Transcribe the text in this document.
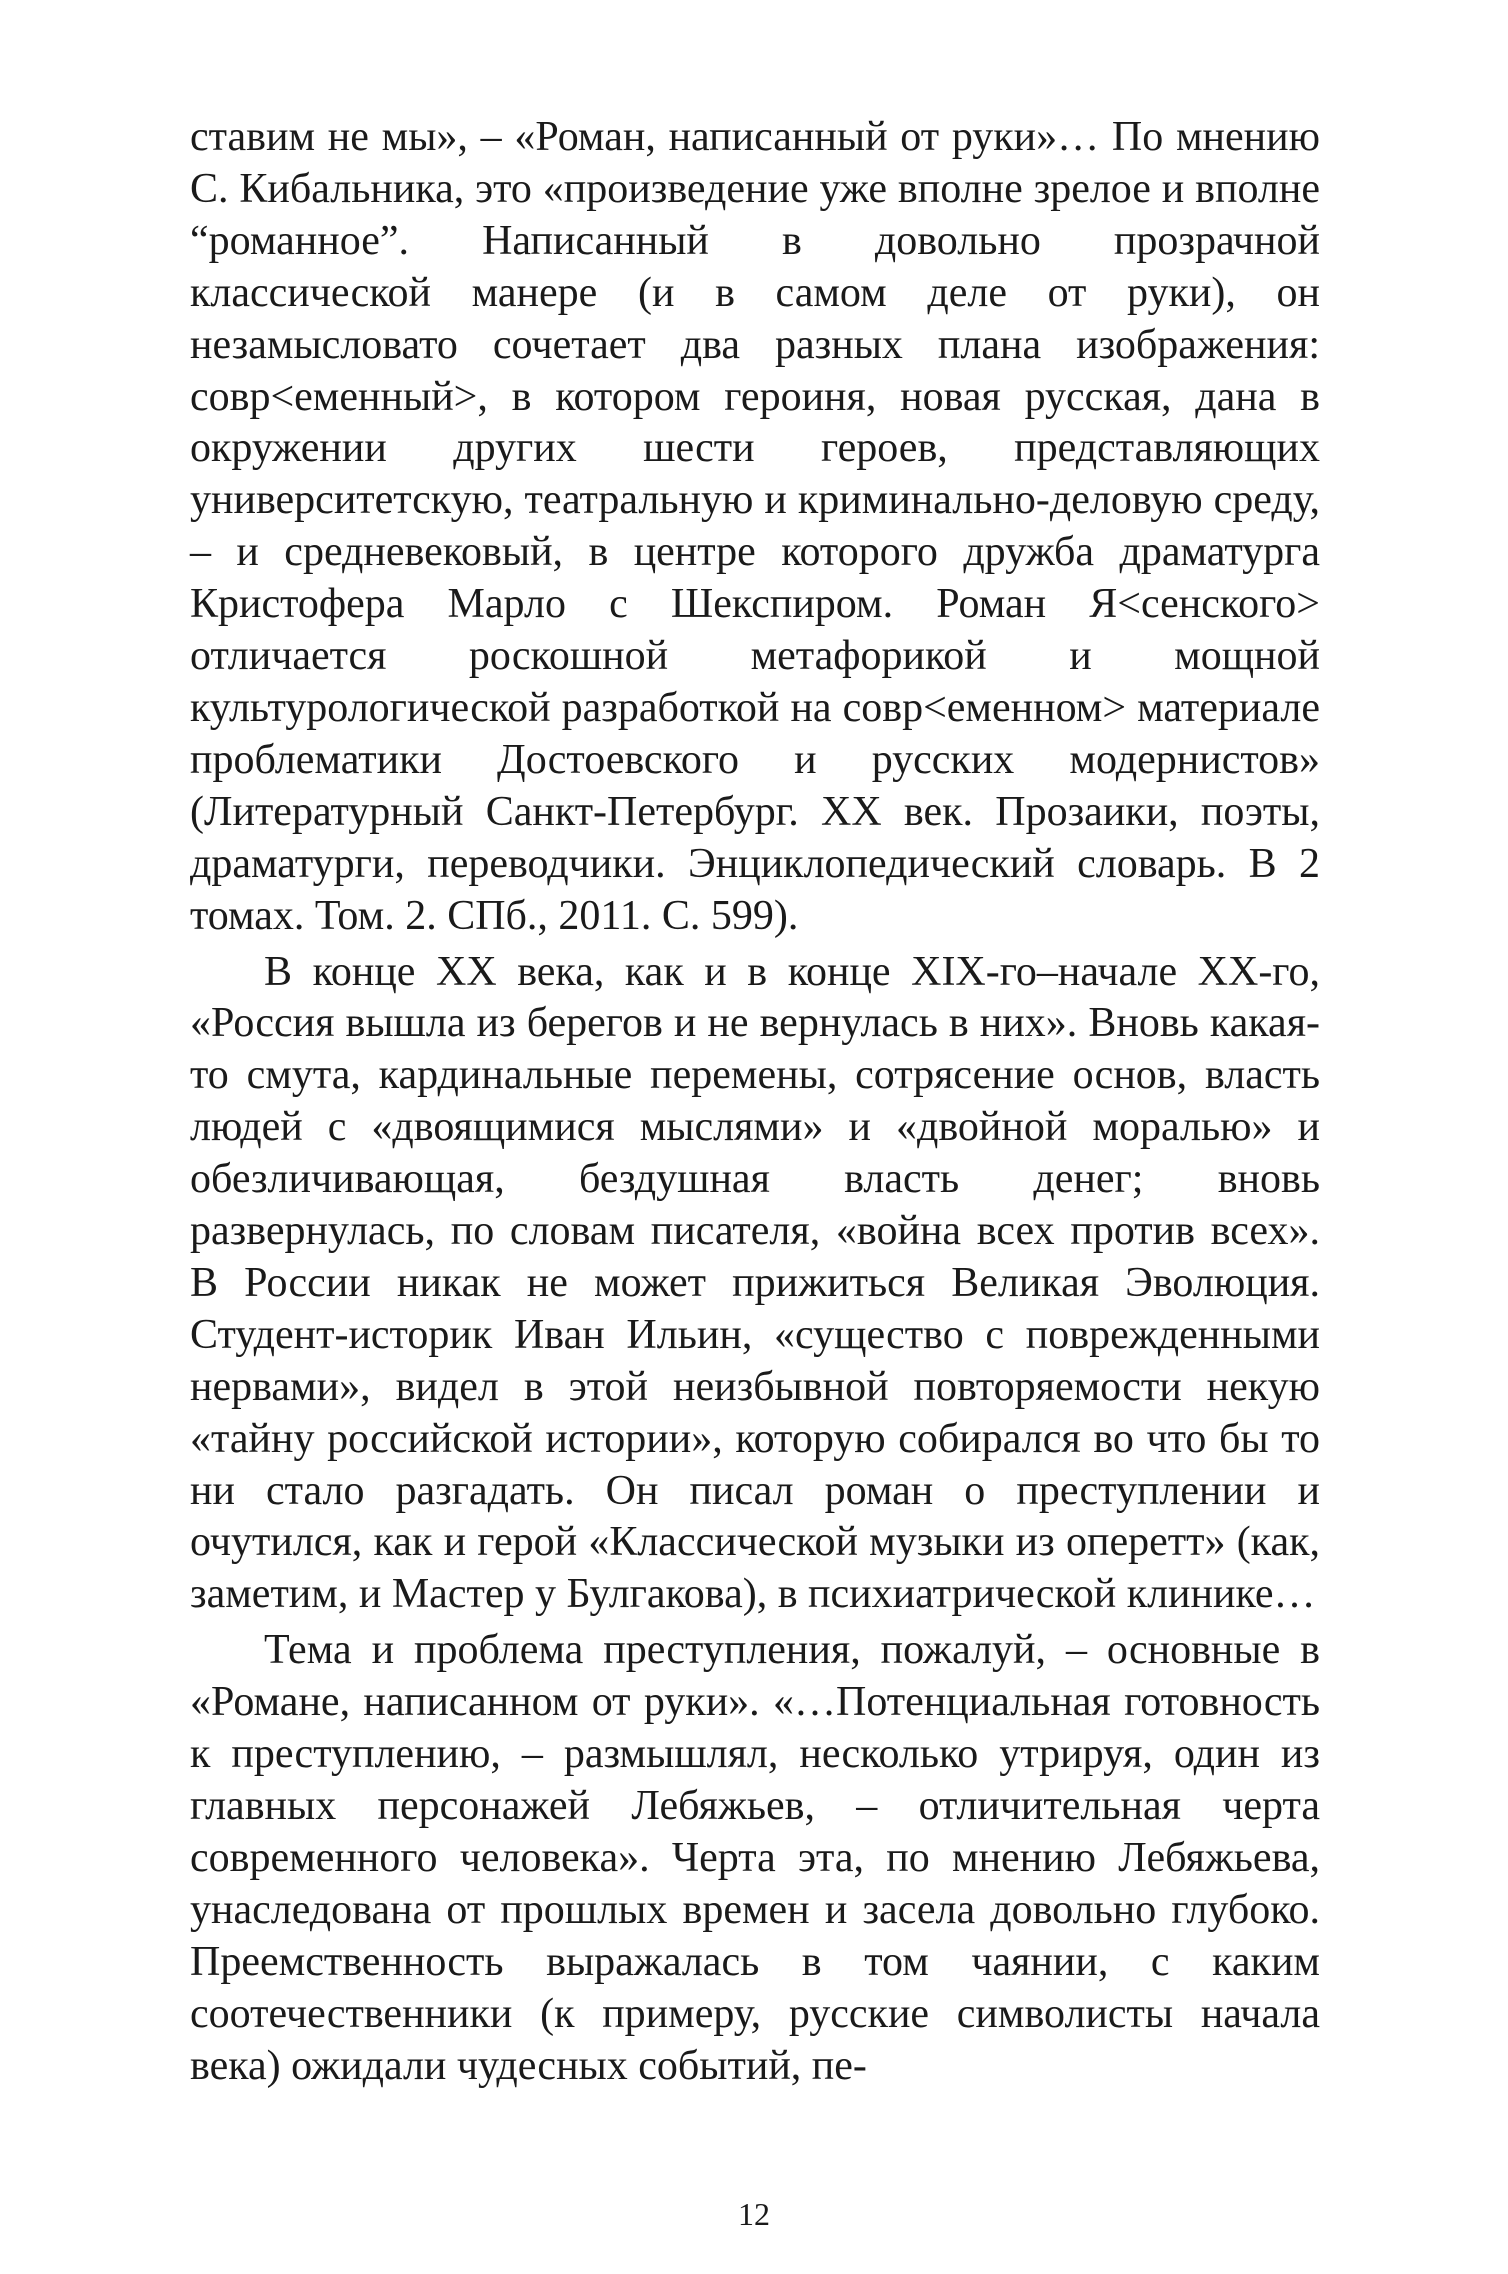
ставим не мы», – «Роман, написанный от руки»… По мнению С. Кибальника, это «произведение уже вполне зрелое и вполне “романное”. Написанный в довольно прозрачной классической манере (и в самом деле от руки), он незамысловато сочетает два разных плана изображения: совр<еменный>, в котором героиня, новая русская, дана в окружении других шести героев, представляющих университетскую, театральную и криминально-деловую среду, – и средневековый, в центре которого дружба драматурга Кристофера Марло с Шекспиром. Роман Я<сенского> отличается роскошной метафорикой и мощной культурологической разработкой на совр<еменном> материале проблематики Достоевского и русских модернистов» (Литературный Санкт-Петербург. XX век. Прозаики, поэты, драматурги, переводчики. Энциклопедический словарь. В 2 томах. Том. 2. СПб., 2011. С. 599).

В конце XX века, как и в конце XIX-го–начале XX-го, «Россия вышла из берегов и не вернулась в них». Вновь какая-то смута, кардинальные перемены, сотрясение основ, власть людей с «двоящимися мыслями» и «двойной моралью» и обезличивающая, бездушная власть денег; вновь развернулась, по словам писателя, «война всех против всех». В России никак не может прижиться Великая Эволюция. Студент-историк Иван Ильин, «существо с поврежденными нервами», видел в этой неизбывной повторяемости некую «тайну российской истории», которую собирался во что бы то ни стало разгадать. Он писал роман о преступлении и очутился, как и герой «Классической музыки из оперетт» (как, заметим, и Мастер у Булгакова), в психиатрической клинике…

Тема и проблема преступления, пожалуй, – основные в «Романе, написанном от руки». «…Потенциальная готовность к преступлению, – размышлял, несколько утрируя, один из главных персонажей Лебяжьев, – отличительная черта современного человека». Черта эта, по мнению Лебяжьева, унаследована от прошлых времен и засела довольно глубоко. Преемственность выражалась в том чаянии, с каким соотечественники (к примеру, русские символисты начала века) ожидали чудесных событий, пе-

12
